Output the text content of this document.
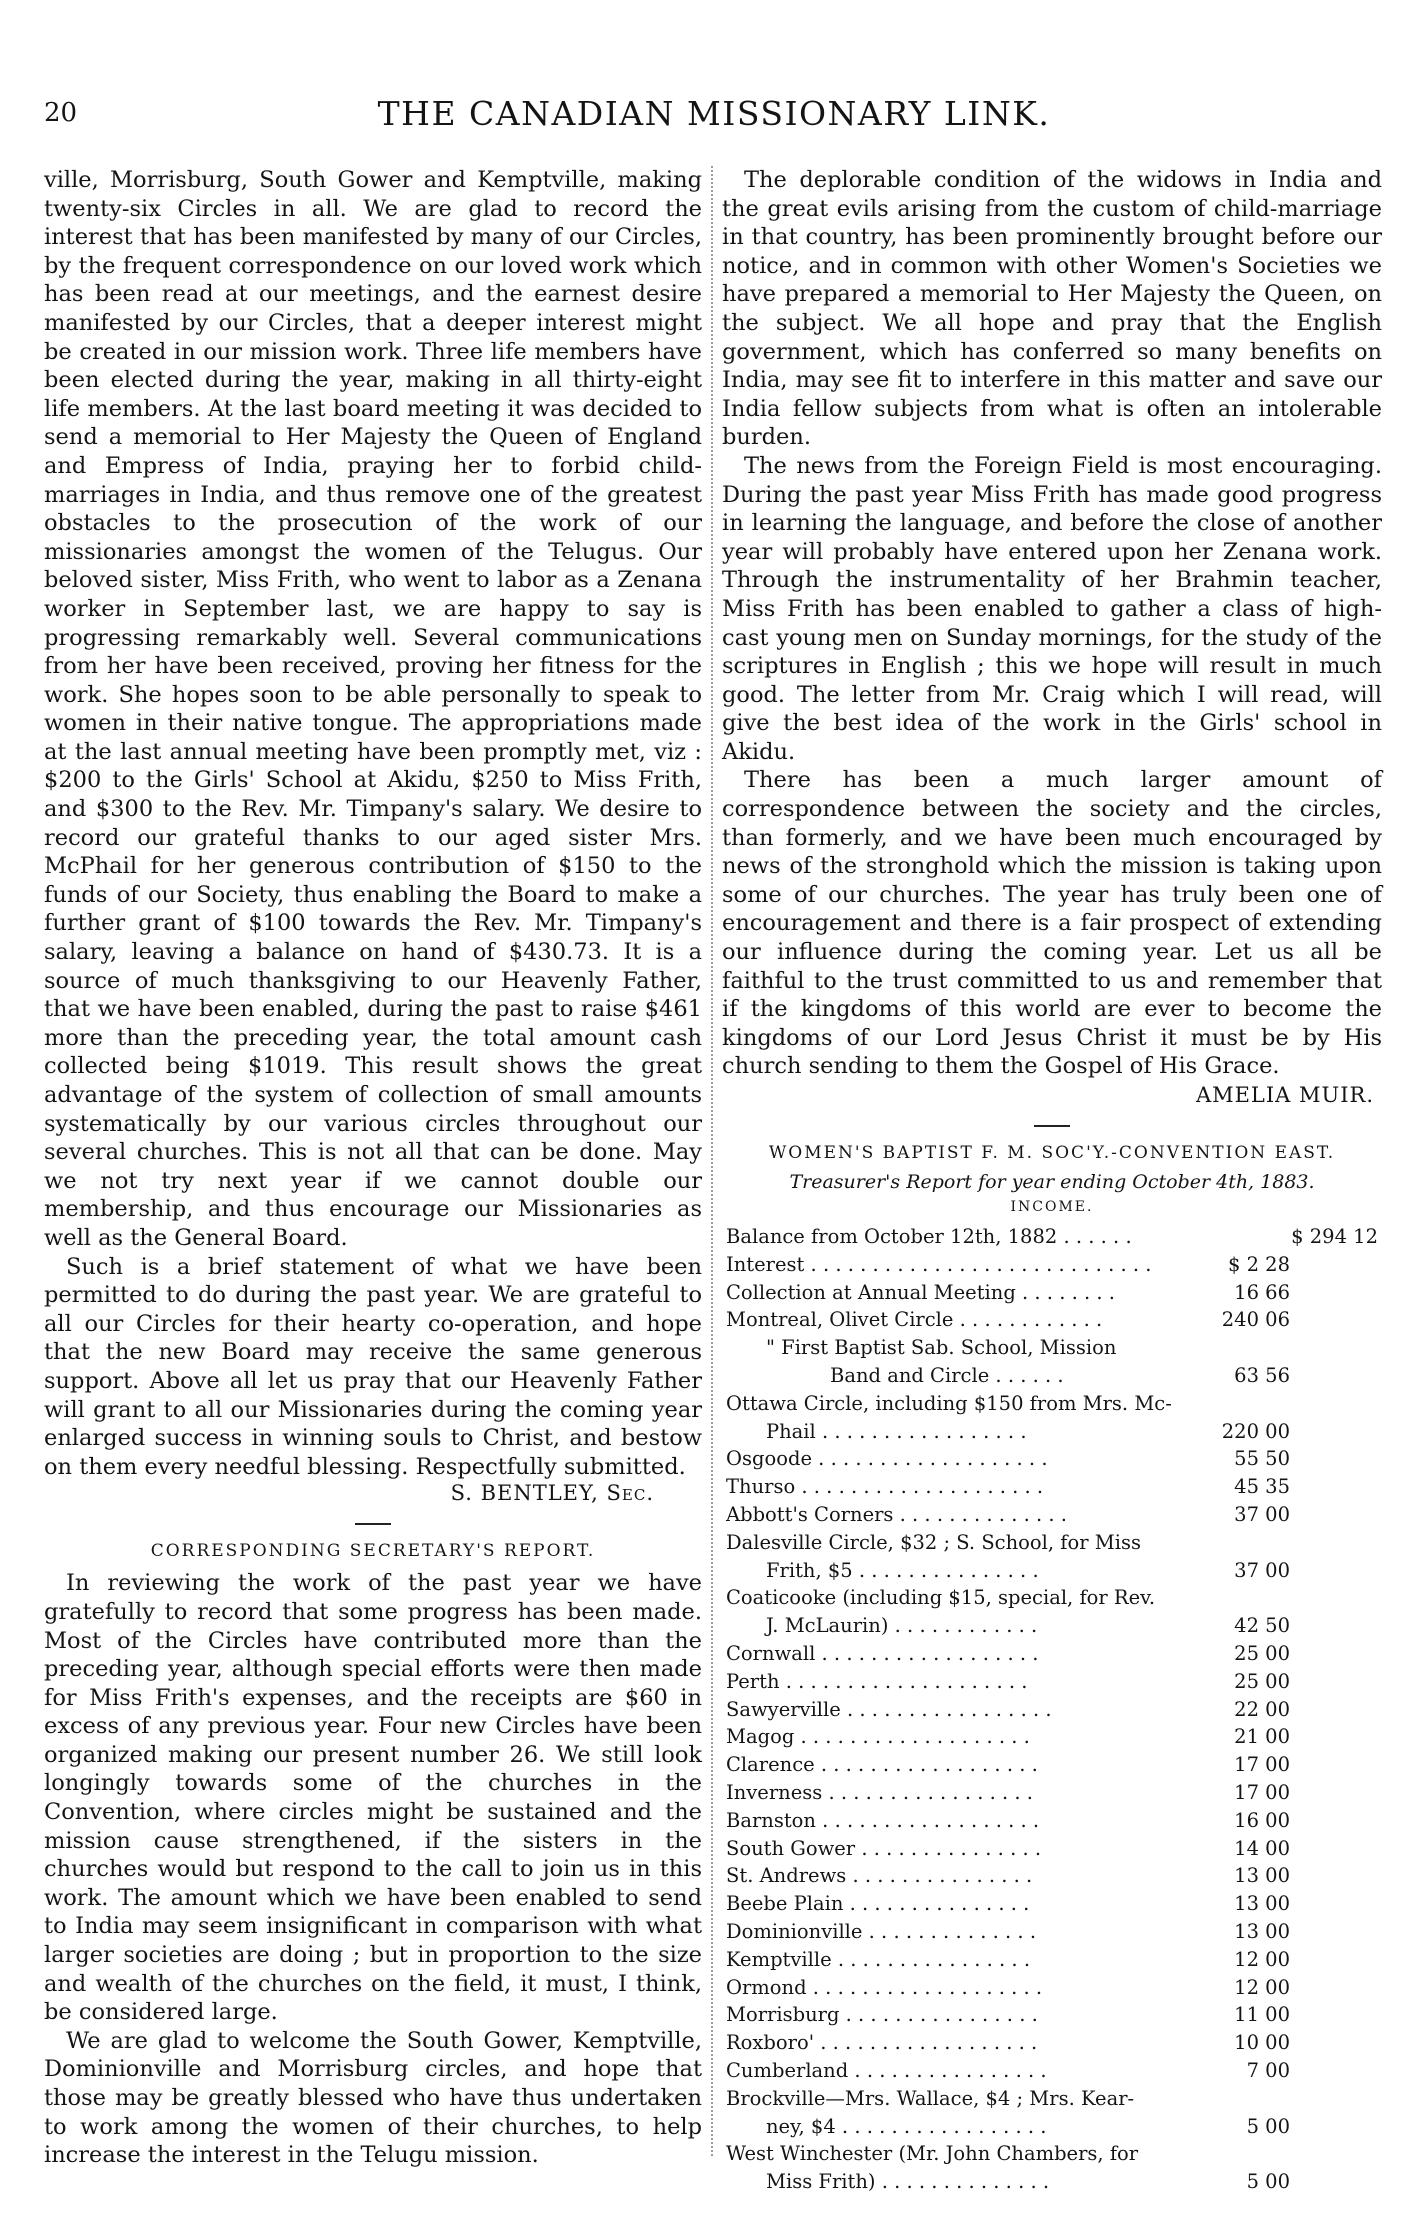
20	THE CANADIAN MISSIONARY LINK.

ville, Morrisburg, South Gower and Kemptville, making twenty-six Circles in all. We are glad to record the interest that has been manifested by many of our Circles, by the frequent correspondence on our loved work which has been read at our meetings, and the earnest desire manifested by our Circles, that a deeper interest might be created in our mission work. Three life members have been elected during the year, making in all thirty-eight life members. At the last board meeting it was decided to send a memorial to Her Majesty the Queen of England and Empress of India, praying her to forbid child-marriages in India, and thus remove one of the greatest obstacles to the prosecution of the work of our missionaries amongst the women of the Telugus. Our beloved sister, Miss Frith, who went to labor as a Zenana worker in September last, we are happy to say is progressing remarkably well. Several communications from her have been received, proving her fitness for the work. She hopes soon to be able personally to speak to women in their native tongue. The appropriations made at the last annual meeting have been promptly met, viz : $200 to the Girls' School at Akidu, $250 to Miss Frith, and $300 to the Rev. Mr. Timpany's salary. We desire to record our grateful thanks to our aged sister Mrs. McPhail for her generous contribution of $150 to the funds of our Society, thus enabling the Board to make a further grant of $100 towards the Rev. Mr. Timpany's salary, leaving a balance on hand of $430.73. It is a source of much thanksgiving to our Heavenly Father, that we have been enabled, during the past to raise $461 more than the preceding year, the total amount cash collected being $1019. This result shows the great advantage of the system of collection of small amounts systematically by our various circles throughout our several churches. This is not all that can be done. May we not try next year if we cannot double our membership, and thus encourage our Missionaries as well as the General Board.

Such is a brief statement of what we have been permitted to do during the past year. We are grateful to all our Circles for their hearty co-operation, and hope that the new Board may receive the same generous support. Above all let us pray that our Heavenly Father will grant to all our Missionaries during the coming year enlarged success in winning souls to Christ, and bestow on them every needful blessing. Respectfully submitted.

S. BENTLEY, Sec.
CORRESPONDING SECRETARY'S REPORT.

In reviewing the work of the past year we have gratefully to record that some progress has been made. Most of the Circles have contributed more than the preceding year, although special efforts were then made for Miss Frith's expenses, and the receipts are $60 in excess of any previous year. Four new Circles have been organized making our present number 26. We still look longingly towards some of the churches in the Convention, where circles might be sustained and the mission cause strengthened, if the sisters in the churches would but respond to the call to join us in this work. The amount which we have been enabled to send to India may seem insignificant in comparison with what larger societies are doing ; but in proportion to the size and wealth of the churches on the field, it must, I think, be considered large.

We are glad to welcome the South Gower, Kemptville, Dominionville and Morrisburg circles, and hope that those may be greatly blessed who have thus undertaken to work among the women of their churches, to help increase the interest in the Telugu mission.

The deplorable condition of the widows in India and the great evils arising from the custom of child-marriage in that country, has been prominently brought before our notice, and in common with other Women's Societies we have prepared a memorial to Her Majesty the Queen, on the subject. We all hope and pray that the English government, which has conferred so many benefits on India, may see fit to interfere in this matter and save our India fellow subjects from what is often an intolerable burden.

The news from the Foreign Field is most encouraging. During the past year Miss Frith has made good progress in learning the language, and before the close of another year will probably have entered upon her Zenana work. Through the instrumentality of her Brahmin teacher, Miss Frith has been enabled to gather a class of high-cast young men on Sunday mornings, for the study of the scriptures in English ; this we hope will result in much good. The letter from Mr. Craig which I will read, will give the best idea of the work in the Girls' school in Akidu.

There has been a much larger amount of correspondence between the society and the circles, than formerly, and we have been much encouraged by news of the stronghold which the mission is taking upon some of our churches. The year has truly been one of encouragement and there is a fair prospect of extending our influence during the coming year. Let us all be faithful to the trust committed to us and remember that if the kingdoms of this world are ever to become the kingdoms of our Lord Jesus Christ it must be by His church sending to them the Gospel of His Grace.

AMELIA MUIR.
WOMEN'S BAPTIST F. M. SOC'Y.-CONVENTION EAST.
Treasurer's Report for year ending October 4th, 1883.
INCOME.
Balance from October 12th, 1882 . . . . . .	$ 294 12
Interest . . . . . . . . . . . . . . . . . . . . . . . . . . . .	$ 2 28
Collection at Annual Meeting . . . . . . . .	16 66
Montreal, Olivet Circle . . . . . . . . . . . .	240 06
" First Baptist Sab. School, Mission
Band and Circle . . . . . .	63 56
Ottawa Circle, including $150 from Mrs. Mc-
Phail . . . . . . . . . . . . . . . . .	220 00
Osgoode . . . . . . . . . . . . . . . . . . .	55 50
Thurso . . . . . . . . . . . . . . . . . . . .	45 35
Abbott's Corners . . . . . . . . . . . . . .	37 00
Dalesville Circle, $32 ; S. School, for Miss
Frith, $5 . . . . . . . . . . . . . . .	37 00
Coaticooke (including $15, special, for Rev.
J. McLaurin) . . . . . . . . . . . .	42 50
Cornwall . . . . . . . . . . . . . . . . . .	25 00
Perth . . . . . . . . . . . . . . . . . . . .	25 00
Sawyerville . . . . . . . . . . . . . . . . .	22 00
Magog . . . . . . . . . . . . . . . . . . .	21 00
Clarence . . . . . . . . . . . . . . . . . .	17 00
Inverness . . . . . . . . . . . . . . . . .	17 00
Barnston . . . . . . . . . . . . . . . . . .	16 00
South Gower . . . . . . . . . . . . . . .	14 00
St. Andrews . . . . . . . . . . . . . . .	13 00
Beebe Plain . . . . . . . . . . . . . . .	13 00
Dominionville . . . . . . . . . . . . . .	13 00
Kemptville . . . . . . . . . . . . . . . .	12 00
Ormond . . . . . . . . . . . . . . . . . . .	12 00
Morrisburg . . . . . . . . . . . . . . . .	11 00
Roxboro' . . . . . . . . . . . . . . . . . .	10 00
Cumberland . . . . . . . . . . . . . . . .	7 00
Brockville—Mrs. Wallace, $4 ; Mrs. Kear-
ney, $4 . . . . . . . . . . . . . . . . .	5 00
West Winchester (Mr. John Chambers, for
Miss Frith) . . . . . . . . . . . . . .	5 00
